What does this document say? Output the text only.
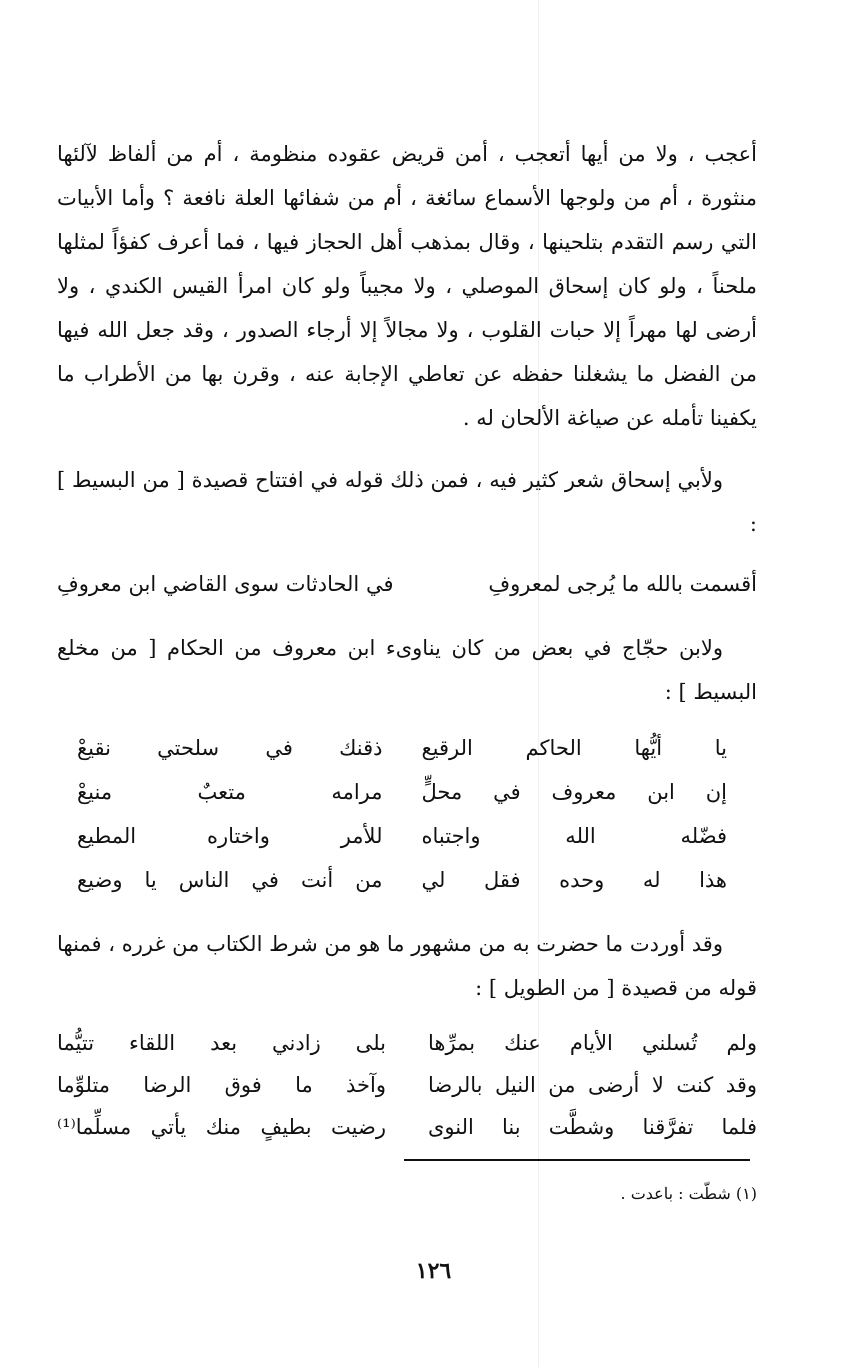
أعجب ، ولا من أيها أتعجب ، أمن قريض عقوده منظومة ، أم من ألفاظ لآلئها منثورة ، أم من ولوجها الأسماع سائغة ، أم من شفائها العلة نافعة ؟ وأما الأبيات التي رسم التقدم بتلحينها ، وقال بمذهب أهل الحجاز فيها ، فما أعرف كفؤاً لمثلها ملحناً ، ولو كان إسحاق الموصلي ، ولا مجيباً ولو كان امرأ القيس الكندي ، ولا أرضى لها مهراً إلا حبات القلوب ، ولا مجالاً إلا أرجاء الصدور ، وقد جعل الله فيها من الفضل ما يشغلنا حفظه عن تعاطي الإجابة عنه ، وقرن بها من الأطراب ما يكفينا تأمله عن صياغة الألحان له .

ولأبي إسحاق شعر كثير فيه ، فمن ذلك قوله في افتتاح قصيدة [ من البسيط ] :

أقسمت بالله ما يُرجى لمعروفِ
في الحادثات سوى القاضي ابن معروفِ

ولابن حجّاج في بعض من كان يناوىء ابن معروف من الحكام [ من مخلع البسيط ] :

يا أيُّها الحاكم الرقيع
ذقنك في سلحتي نقيعْ
إن ابن معروف في محلٍّ
مرامه متعبٌ منيعْ
فضّله الله واجتباه
للأمر واختاره المطيع
هذا له وحده فقل لي
من أنت في الناس يا وضيع

وقد أوردت ما حضرت به من مشهور ما هو من شرط الكتاب من غرره ، فمنها قوله من قصيدة [ من الطويل ] :

ولم تُسلني الأيام عنك بمرِّها
بلى زادني بعد اللقاء تتيُّما
وقد كنت لا أرضى من النيل بالرضا
وآخذ ما فوق الرضا متلوِّما
فلما تفرَّقنا وشطَّت بنا النوى
رضيت بطيفٍ منك يأتي مسلِّما⁽¹⁾
(١) شطّت : باعدت .
١٢٦
